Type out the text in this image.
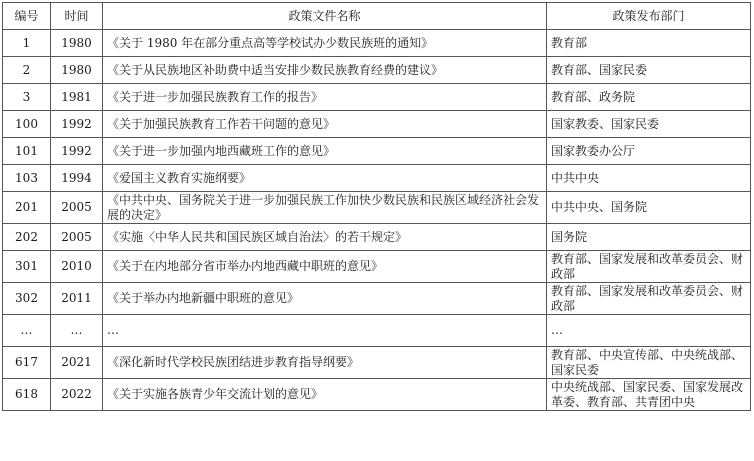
编号	时间	政策文件名称	政策发布部门
1	1980	《关于 1980 年在部分重点高等学校试办少数民族班的通知》	教育部
2	1980	《关于从民族地区补助费中适当安排少数民族教育经费的建议》	教育部、国家民委
3	1981	《关于进一步加强民族教育工作的报告》	教育部、政务院
100	1992	《关于加强民族教育工作若干问题的意见》	国家教委、国家民委
101	1992	《关于进一步加强内地西藏班工作的意见》	国家教委办公厅
103	1994	《爱国主义教育实施纲要》	中共中央
201	2005	《中共中央、国务院关于进一步加强民族工作加快少数民族和民族区域经济社会发展的决定》	中共中央、国务院
202	2005	《实施〈中华人民共和国民族区域自治法〉的若干规定》	国务院
301	2010	《关于在内地部分省市举办内地西藏中职班的意见》	教育部、国家发展和改革委员会、财政部
302	2011	《关于举办内地新疆中职班的意见》	教育部、国家发展和改革委员会、财政部
…	…	…	…
617	2021	《深化新时代学校民族团结进步教育指导纲要》	教育部、中央宣传部、中央统战部、国家民委
618	2022	《关于实施各族青少年交流计划的意见》	中央统战部、国家民委、国家发展改革委、教育部、共青团中央
